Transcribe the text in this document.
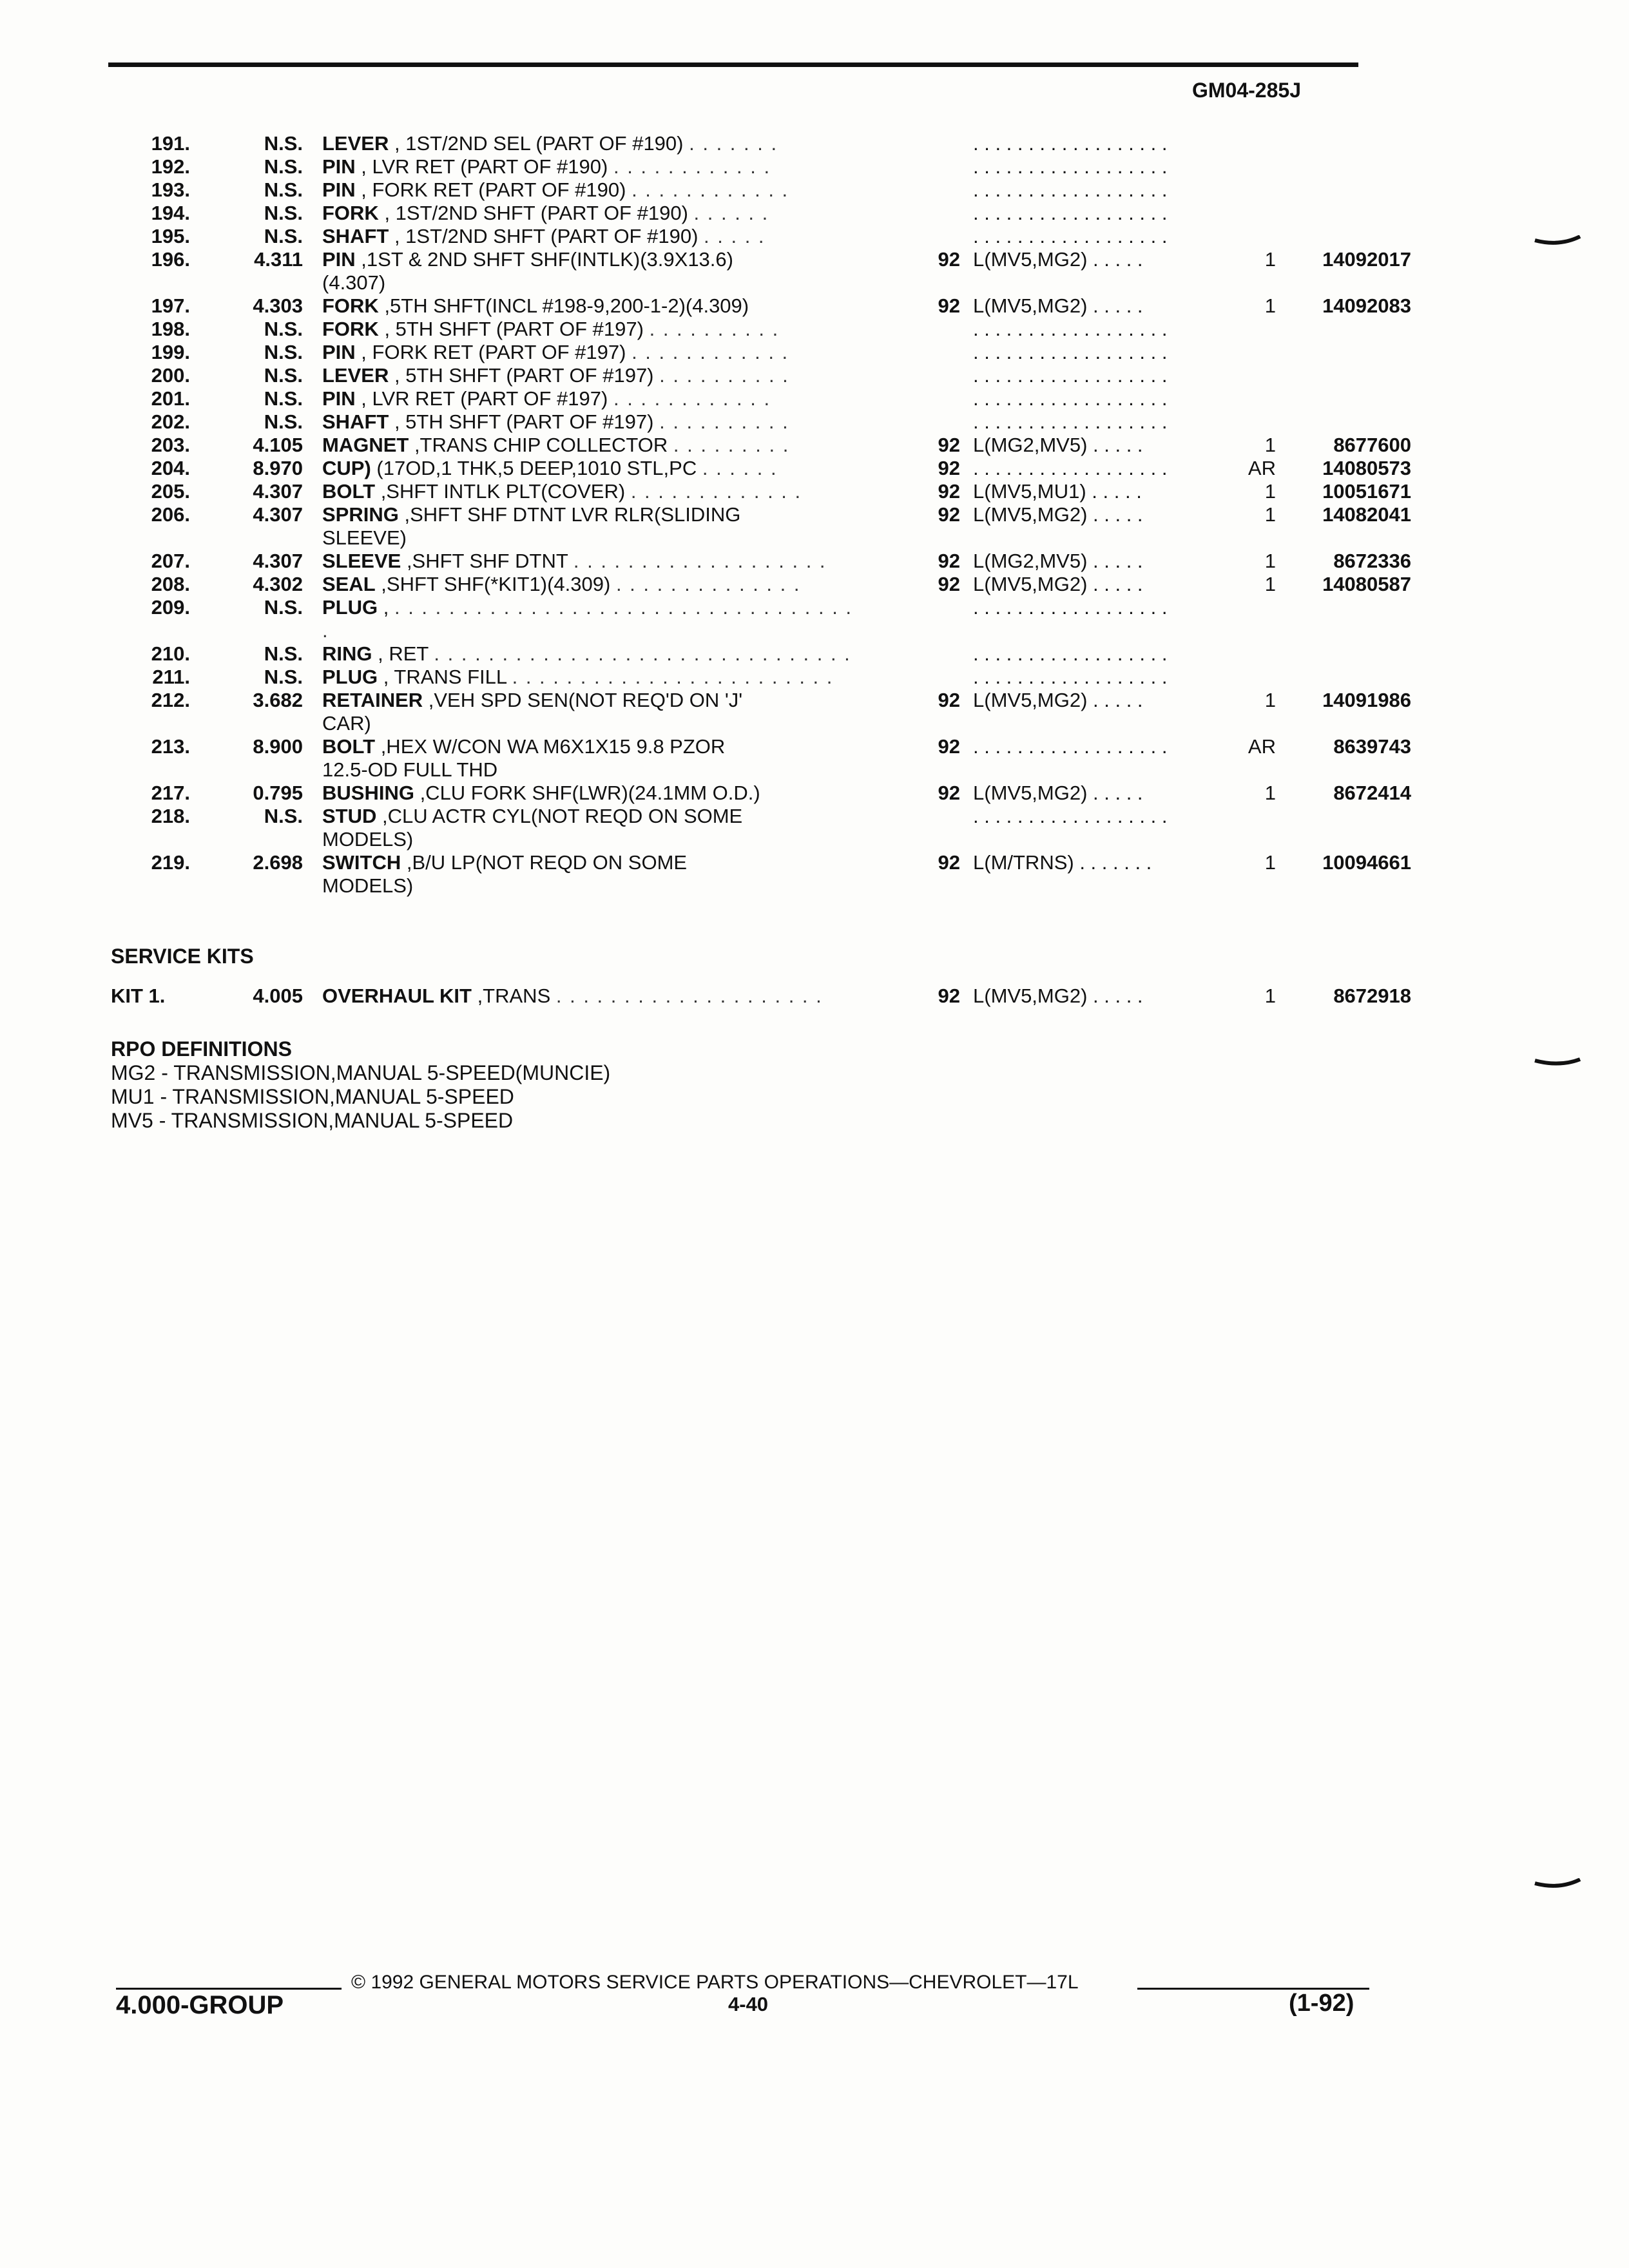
GM04-285J
191.	N.S. LEVER , 1ST/2ND SEL (PART OF #190) . . . . . . .	. . . . . . . . . . . . . . . . . .
192.	N.S. PIN , LVR RET (PART OF #190) . . . . . . . . . . . .	. . . . . . . . . . . . . . . . . .
193.	N.S. PIN , FORK RET (PART OF #190) . . . . . . . . . . . .	. . . . . . . . . . . . . . . . . .
194.	N.S. FORK , 1ST/2ND SHFT (PART OF #190) . . . . . .	. . . . . . . . . . . . . . . . . .
195.	N.S. SHAFT , 1ST/2ND SHFT (PART OF #190) . . . . .	. . . . . . . . . . . . . . . . . .
196.	4.311 PIN ,1ST & 2ND SHFT SHF(INTLK)(3.9X13.6)
(4.307)
92 L(MV5,MG2) . . . . .	1	14092017
197.	4.303 FORK ,5TH SHFT(INCL #198-9,200-1-2)(4.309)	92 L(MV5,MG2) . . . . .	1	14092083
198.	N.S. FORK , 5TH SHFT (PART OF #197) . . . . . . . . . .	. . . . . . . . . . . . . . . . . .
199.	N.S. PIN , FORK RET (PART OF #197) . . . . . . . . . . . .	. . . . . . . . . . . . . . . . . .
200.	N.S. LEVER , 5TH SHFT (PART OF #197) . . . . . . . . . .	. . . . . . . . . . . . . . . . . .
201.	N.S. PIN , LVR RET (PART OF #197) . . . . . . . . . . . .	. . . . . . . . . . . . . . . . . .
202.	N.S. SHAFT , 5TH SHFT (PART OF #197) . . . . . . . . . .	. . . . . . . . . . . . . . . . . .
203.	4.105 MAGNET ,TRANS CHIP COLLECTOR . . . . . . . . .	92 L(MG2,MV5) . . . . .	1	8677600
204.	8.970 CUP) (17OD,1 THK,5 DEEP,1010 STL,PC . . . . . .	92 . . . . . . . . . . . . . . . . . .	AR	14080573
205.	4.307 BOLT ,SHFT INTLK PLT(COVER) . . . . . . . . . . . . .	92 L(MV5,MU1) . . . . .	1	10051671
206.	4.307 SPRING ,SHFT SHF DTNT LVR RLR(SLIDING
SLEEVE)
92 L(MV5,MG2) . . . . .	1	14082041
207.	4.307 SLEEVE ,SHFT SHF DTNT . . . . . . . . . . . . . . . . . . .	92 L(MG2,MV5) . . . . .	1	8672336
208.	4.302 SEAL ,SHFT SHF(*KIT1)(4.309) . . . . . . . . . . . . . .	92 L(MV5,MG2) . . . . .	1	14080587
209.	N.S. PLUG , . . . . . . . . . . . . . . . . . . . . . . . . . . . . . . . . . . .
. . . . . . . . . . . . . . . . . .
210.	N.S. RING , RET . . . . . . . . . . . . . . . . . . . . . . . . . . . . . . .	. . . . . . . . . . . . . . . . . .
211.	N.S. PLUG , TRANS FILL . . . . . . . . . . . . . . . . . . . . . . . .	. . . . . . . . . . . . . . . . . .
212.	3.682 RETAINER ,VEH SPD SEN(NOT REQ'D ON 'J'
CAR)
92 L(MV5,MG2) . . . . .	1	14091986
213.	8.900 BOLT ,HEX W/CON WA M6X1X15 9.8 PZOR
12.5-OD FULL THD
92 . . . . . . . . . . . . . . . . . .	AR	8639743
217.	0.795 BUSHING ,CLU FORK SHF(LWR)(24.1MM O.D.)	92 L(MV5,MG2) . . . . .	1	8672414
218.	N.S. STUD ,CLU ACTR CYL(NOT REQD ON SOME
MODELS)
. . . . . . . . . . . . . . . . . .
219.	2.698 SWITCH ,B/U LP(NOT REQD ON SOME
MODELS)
92 L(M/TRNS) . . . . . . .	1	10094661
SERVICE KITS
KIT 1.	4.005 OVERHAUL KIT ,TRANS . . . . . . . . . . . . . . . . . . . .	92 L(MV5,MG2) . . . . .	1	8672918
RPO DEFINITIONS
MG2 - TRANSMISSION,MANUAL 5-SPEED(MUNCIE)
MU1 - TRANSMISSION,MANUAL 5-SPEED
MV5 - TRANSMISSION,MANUAL 5-SPEED
© 1992 GENERAL MOTORS SERVICE PARTS OPERATIONS—CHEVROLET—17L
4.000-GROUP	4-40	(1-92)
